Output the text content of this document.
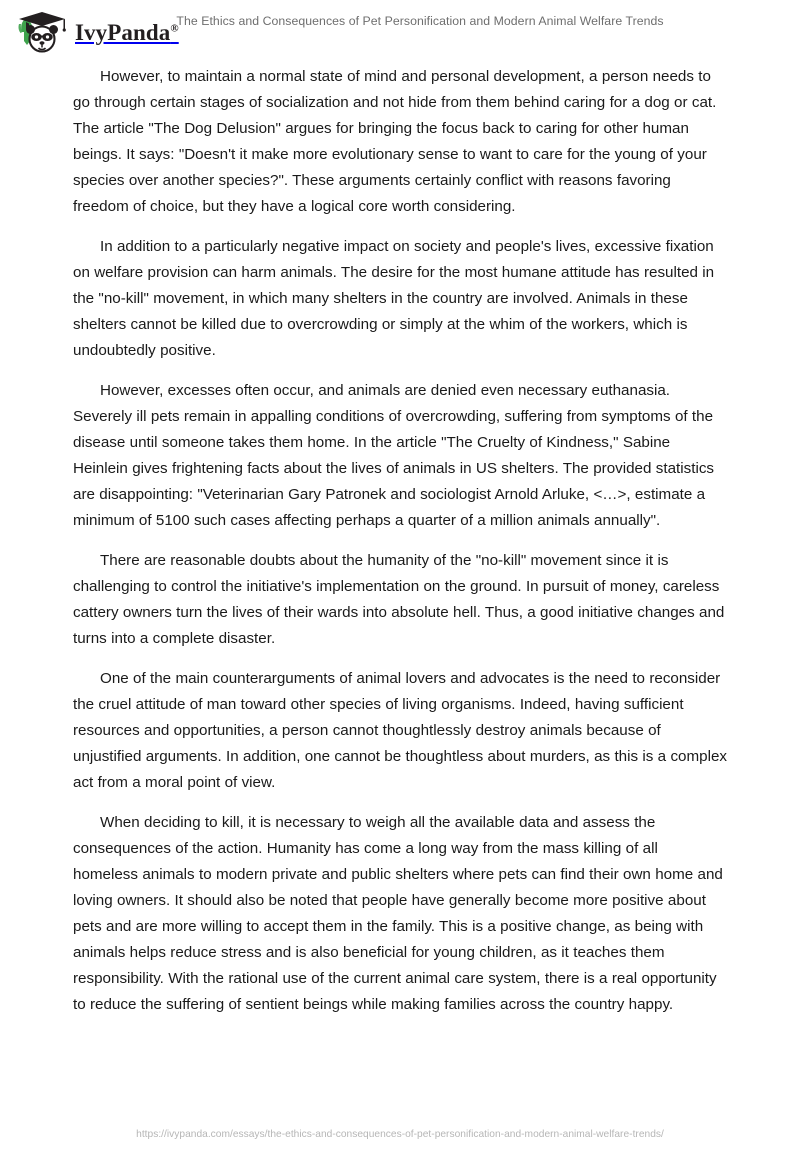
IvyPanda®
The Ethics and Consequences of Pet Personification and Modern Animal Welfare Trends

However, to maintain a normal state of mind and personal development, a person needs to go through certain stages of socialization and not hide from them behind caring for a dog or cat. The article "The Dog Delusion" argues for bringing the focus back to caring for other human beings. It says: "Doesn't it make more evolutionary sense to want to care for the young of your species over another species?". These arguments certainly conflict with reasons favoring freedom of choice, but they have a logical core worth considering.

In addition to a particularly negative impact on society and people's lives, excessive fixation on welfare provision can harm animals. The desire for the most humane attitude has resulted in the "no-kill" movement, in which many shelters in the country are involved. Animals in these shelters cannot be killed due to overcrowding or simply at the whim of the workers, which is undoubtedly positive.

However, excesses often occur, and animals are denied even necessary euthanasia. Severely ill pets remain in appalling conditions of overcrowding, suffering from symptoms of the disease until someone takes them home. In the article "The Cruelty of Kindness," Sabine Heinlein gives frightening facts about the lives of animals in US shelters. The provided statistics are disappointing: "Veterinarian Gary Patronek and sociologist Arnold Arluke, <…>, estimate a minimum of 5100 such cases affecting perhaps a quarter of a million animals annually".

There are reasonable doubts about the humanity of the "no-kill" movement since it is challenging to control the initiative's implementation on the ground. In pursuit of money, careless cattery owners turn the lives of their wards into absolute hell. Thus, a good initiative changes and turns into a complete disaster.

One of the main counterarguments of animal lovers and advocates is the need to reconsider the cruel attitude of man toward other species of living organisms. Indeed, having sufficient resources and opportunities, a person cannot thoughtlessly destroy animals because of unjustified arguments. In addition, one cannot be thoughtless about murders, as this is a complex act from a moral point of view.

When deciding to kill, it is necessary to weigh all the available data and assess the consequences of the action. Humanity has come a long way from the mass killing of all homeless animals to modern private and public shelters where pets can find their own home and loving owners. It should also be noted that people have generally become more positive about pets and are more willing to accept them in the family. This is a positive change, as being with animals helps reduce stress and is also beneficial for young children, as it teaches them responsibility. With the rational use of the current animal care system, there is a real opportunity to reduce the suffering of sentient beings while making families across the country happy.

https://ivypanda.com/essays/the-ethics-and-consequences-of-pet-personification-and-modern-animal-welfare-trends/
